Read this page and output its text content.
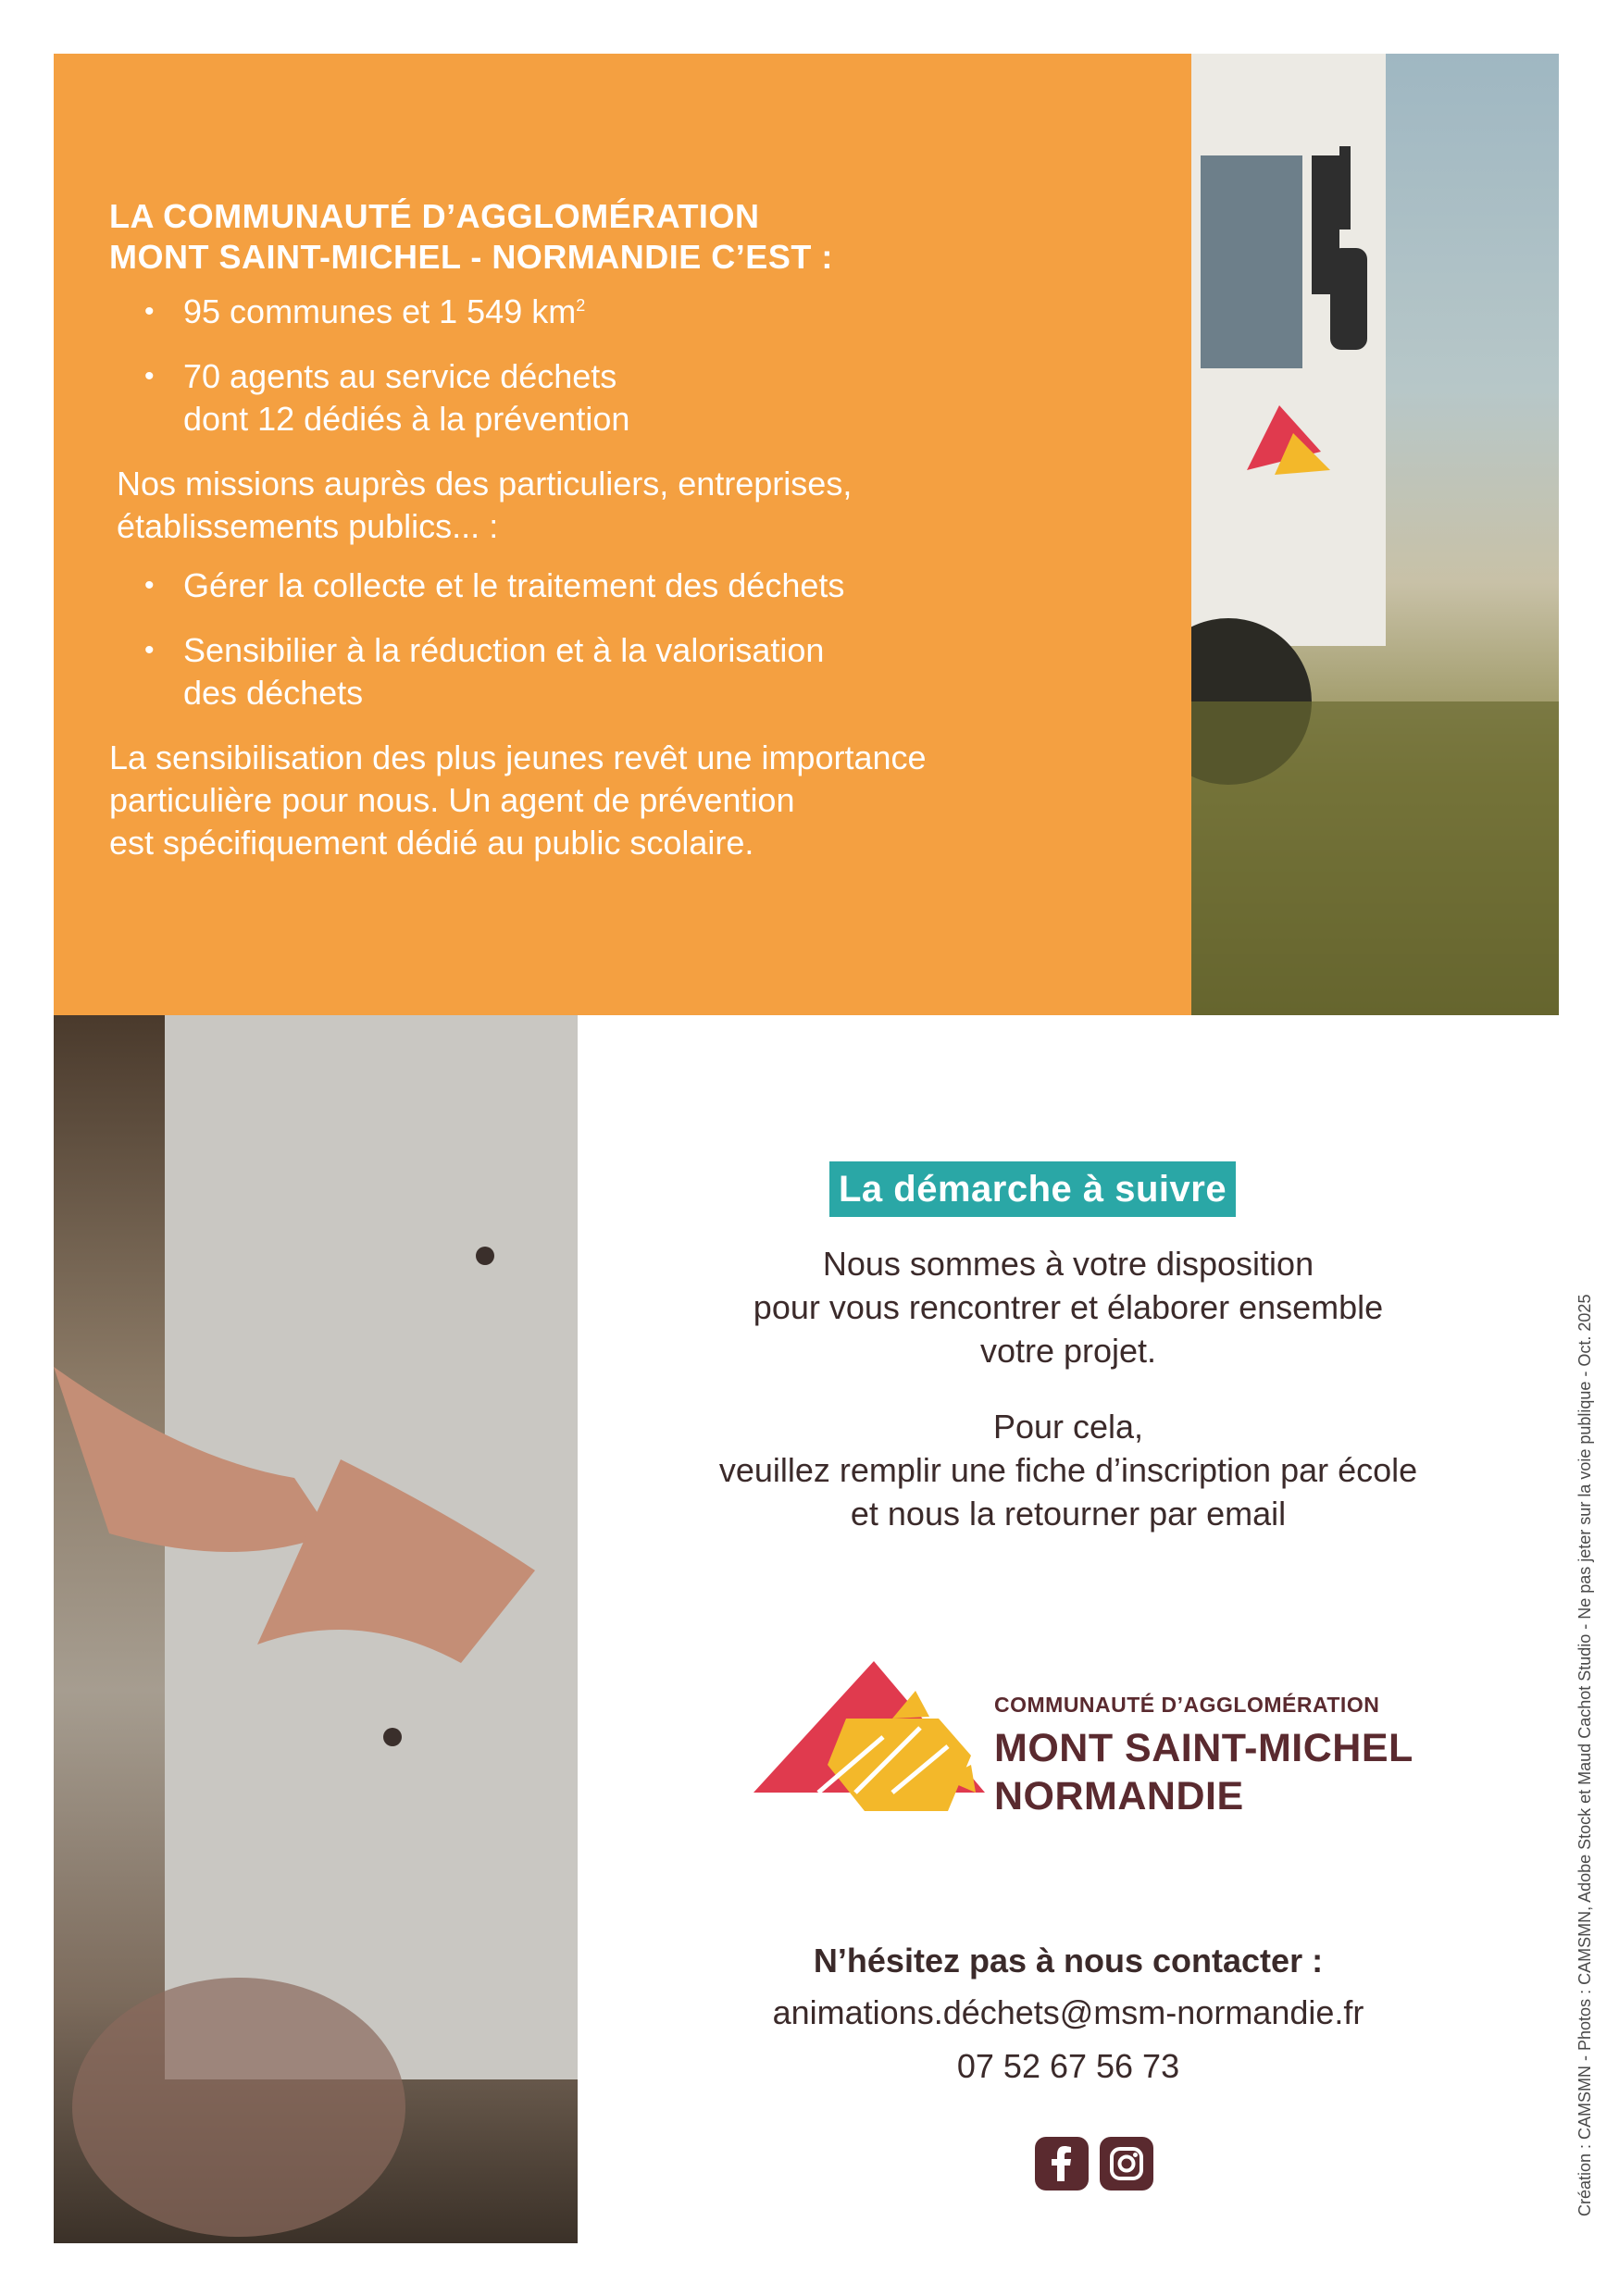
LA COMMUNAUTÉ D’AGGLOMÉRATION
MONT SAINT-MICHEL - NORMANDIE C’EST :
• 95 communes et 1 549 $km^2$
• 70 agents au service déchets
dont 12 dédiés à la prévention

Nos missions auprès des particuliers, entreprises,
établissements publics... :

• Gérer la collecte et le traitement des déchets
• Sensibilier à la réduction et à la valorisation
des déchets

La sensibilisation des plus jeunes revêt une importance
particulière pour nous. Un agent de prévention
est spécifiquement dédié au public scolaire.

La démarche à suivre

Nous sommes à votre disposition
pour vous rencontrer et élaborer ensemble
votre projet.

Pour cela,
veuillez remplir une fiche d’inscription par école
et nous la retourner par email

COMMUNAUTÉ D’AGGLOMÉRATION
MONT SAINT-MICHEL
NORMANDIE

N’hésitez pas à nous contacter :

animations.déchets@msm-normandie.fr

07 52 67 56 73	Création : CAMSMN - Photos : CAMSMN, Adobe Stock et Maud Cachot Studio - Ne pas jeter sur la voie publique - Oct. 2025
